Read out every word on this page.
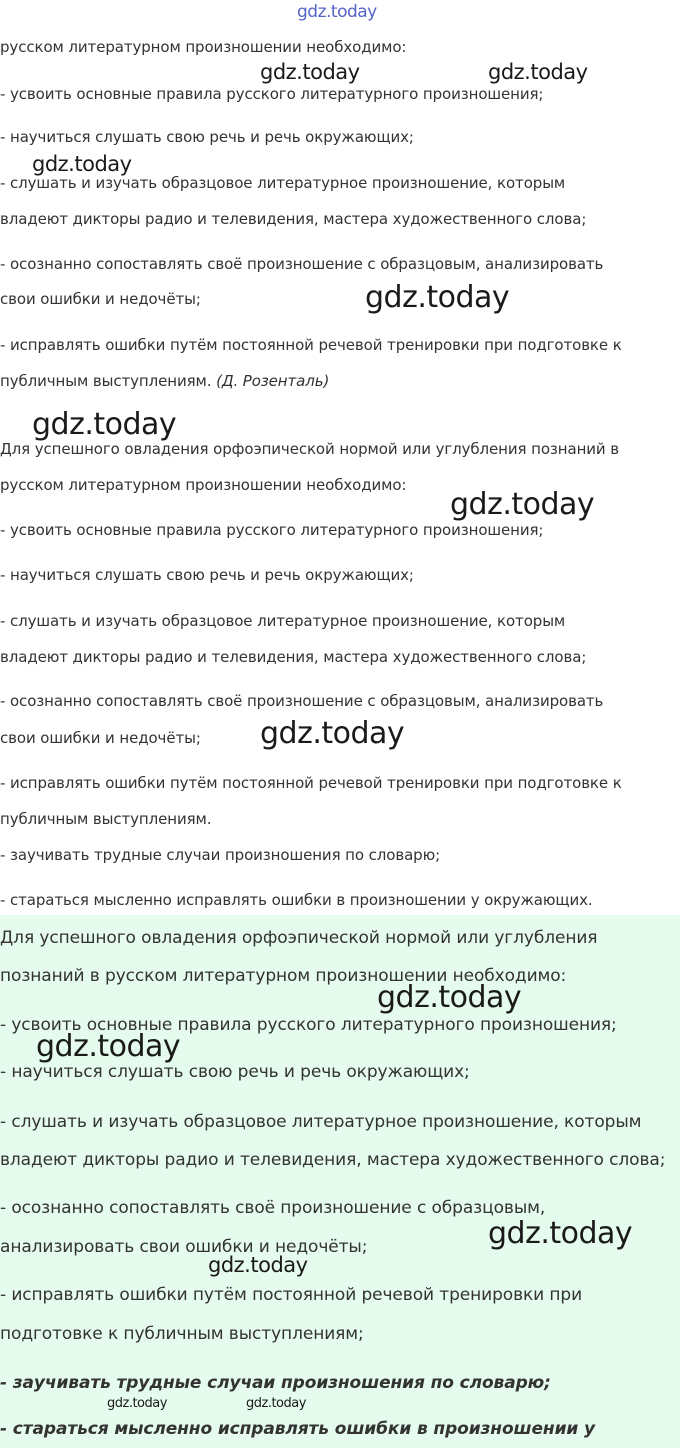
русском литературном произношении необходимо:
- усвоить основные правила русского литературного произношения;
- научиться слушать свою речь и речь окружающих;
- слушать и изучать образцовое литературное произношение, которым
владеют дикторы радио и телевидения, мастера художественного слова;
- осознанно сопоставлять своё произношение с образцовым, анализировать
свои ошибки и недочёты;
- исправлять ошибки путём постоянной речевой тренировки при подготовке к
публичным выступлениям. (Д. Розенталь)
Для успешного овладения орфоэпической нормой или углубления познаний в
русском литературном произношении необходимо:
- усвоить основные правила русского литературного произношения;
- научиться слушать свою речь и речь окружающих;
- слушать и изучать образцовое литературное произношение, которым
владеют дикторы радио и телевидения, мастера художественного слова;
- осознанно сопоставлять своё произношение с образцовым, анализировать
свои ошибки и недочёты;
- исправлять ошибки путём постоянной речевой тренировки при подготовке к
публичным выступлениям.
- заучивать трудные случаи произношения по словарю;
- стараться мысленно исправлять ошибки в произношении у окружающих.
Для успешного овладения орфоэпической нормой или углубления
познаний в русском литературном произношении необходимо:
- усвоить основные правила русского литературного произношения;
- научиться слушать свою речь и речь окружающих;
- слушать и изучать образцовое литературное произношение, которым
владеют дикторы радио и телевидения, мастера художественного слова;
- осознанно сопоставлять своё произношение с образцовым,
анализировать свои ошибки и недочёты;
- исправлять ошибки путём постоянной речевой тренировки при
подготовке к публичным выступлениям;
- заучивать трудные случаи произношения по словарю;
- стараться мысленно исправлять ошибки в произношении у
gdz.today
gdz.today	gdz.today
gdz.today
gdz.today
gdz.today
gdz.today
gdz.today
gdz.today
gdz.today
gdz.today
gdz.today
gdz.today	gdz.today
